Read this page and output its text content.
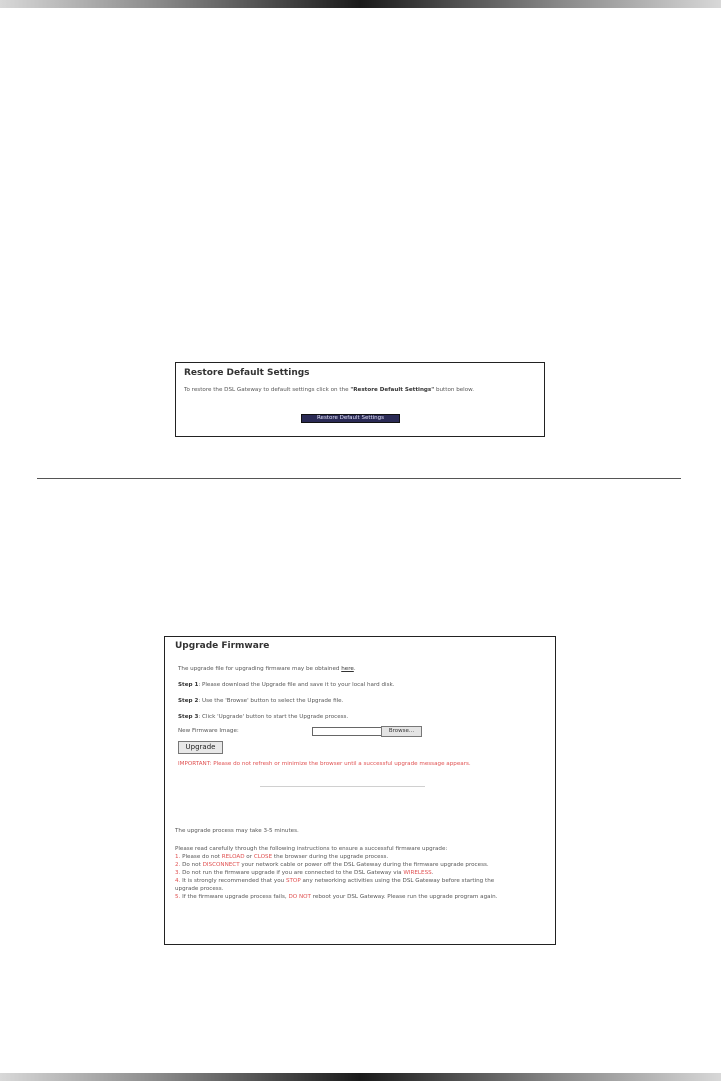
Restore Default Settings
To restore the DSL Gateway to default settings click on the "Restore Default Settings" button below.
Restore Default Settings
Upgrade Firmware
The upgrade file for upgrading firmware may be obtained here.
Step 1: Please download the Upgrade file and save it to your local hard disk.
Step 2: Use the 'Browse' button to select the Upgrade file.
Step 3: Click 'Upgrade' button to start the Upgrade process.
New Firmware Image:	Browse...
Upgrade
IMPORTANT: Please do not refresh or minimize the browser until a successful upgrade message appears.

The upgrade process may take 3-5 minutes.

Please read carefully through the following instructions to ensure a successful firmware upgrade:

1. Please do not RELOAD or CLOSE the browser during the upgrade process.

2. Do not DISCONNECT your network cable or power off the DSL Gateway during the firmware upgrade process.

3. Do not run the firmware upgrade if you are connected to the DSL Gateway via WIRELESS.

4. It is strongly recommended that you STOP any networking activities using the DSL Gateway before starting the upgrade process.

5. If the firmware upgrade process fails, DO NOT reboot your DSL Gateway. Please run the upgrade program again.
